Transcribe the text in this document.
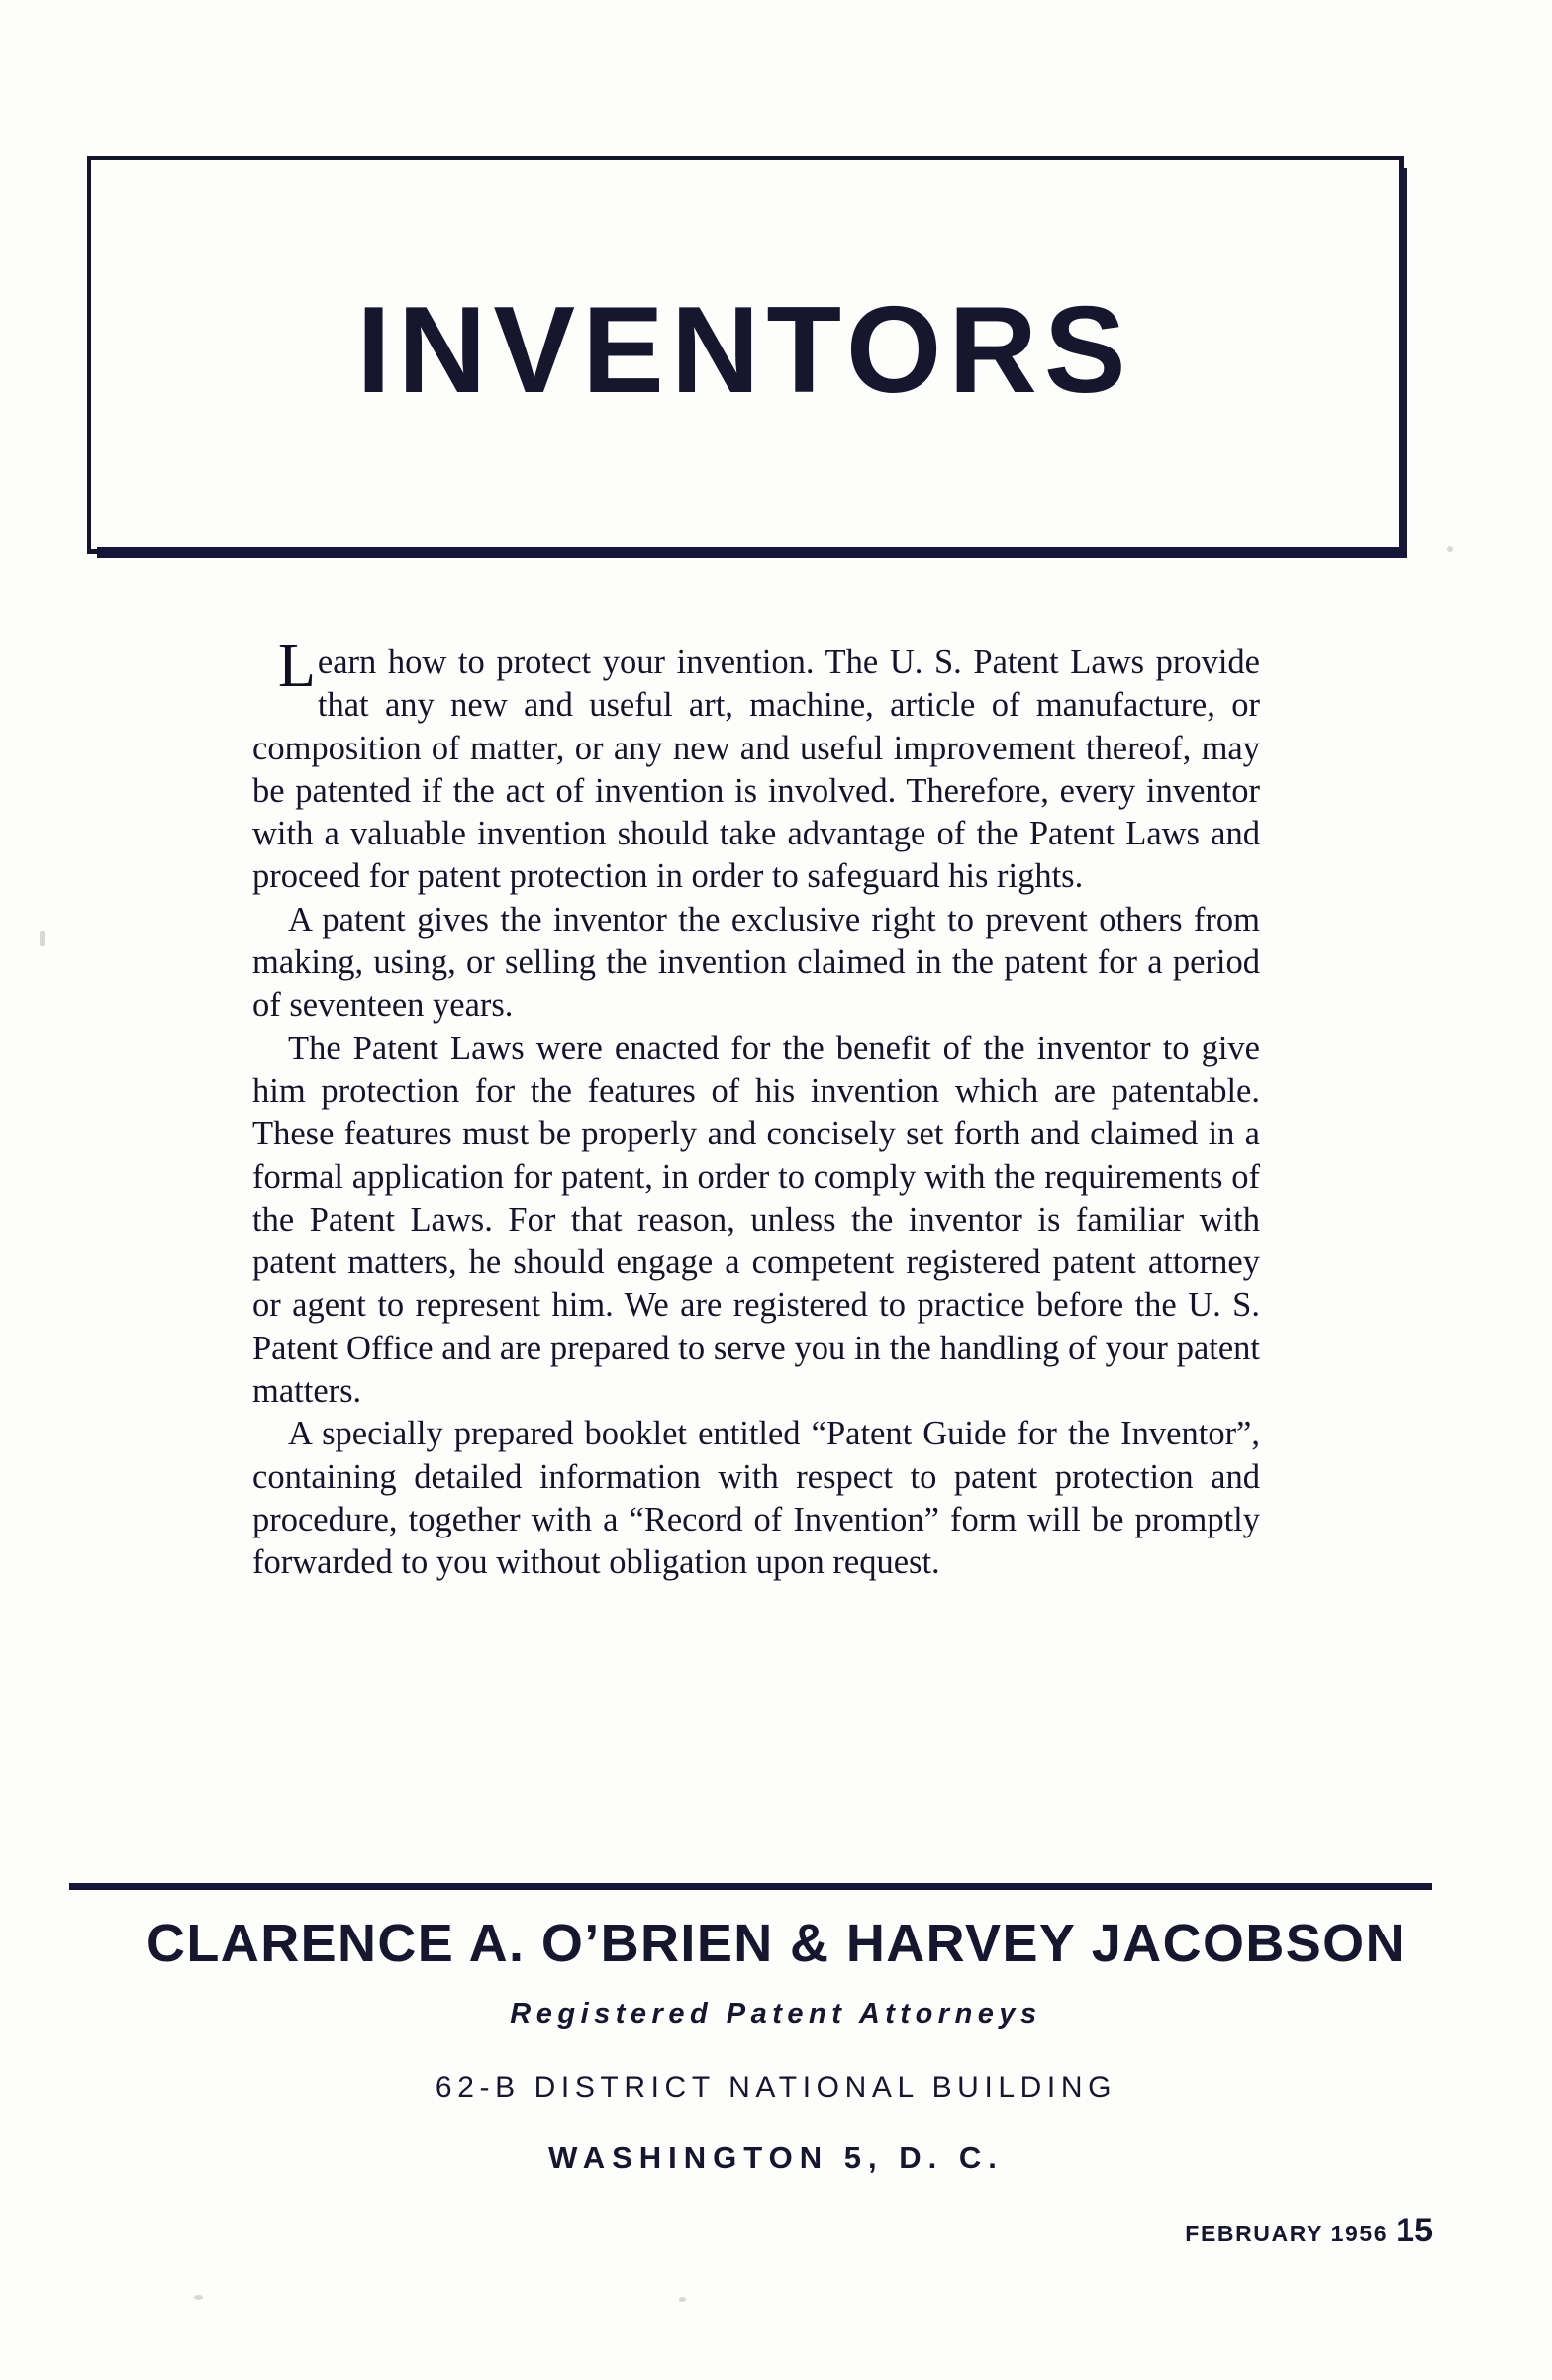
INVENTORS

Learn how to protect your invention. The U. S. Patent Laws provide that any new and useful art, machine, article of manufacture, or composition of matter, or any new and useful improvement thereof, may be patented if the act of invention is involved. Therefore, every inventor with a valuable invention should take advantage of the Patent Laws and proceed for patent protection in order to safeguard his rights.

A patent gives the inventor the exclusive right to prevent others from making, using, or selling the invention claimed in the patent for a period of seventeen years.

The Patent Laws were enacted for the benefit of the inventor to give him protection for the features of his invention which are patentable. These features must be properly and concisely set forth and claimed in a formal application for patent, in order to comply with the requirements of the Patent Laws. For that reason, unless the inventor is familiar with patent matters, he should engage a competent registered patent attorney or agent to represent him. We are registered to practice before the U. S. Patent Office and are prepared to serve you in the handling of your patent matters.

A specially prepared booklet entitled “Patent Guide for the Inventor”, containing detailed information with respect to patent protection and procedure, together with a “Record of Invention” form will be promptly forwarded to you without obligation upon request.

CLARENCE A. O’BRIEN & HARVEY JACOBSON
Registered Patent Attorneys
62-B DISTRICT NATIONAL BUILDING
WASHINGTON 5, D. C.
FEBRUARY 1956 15
